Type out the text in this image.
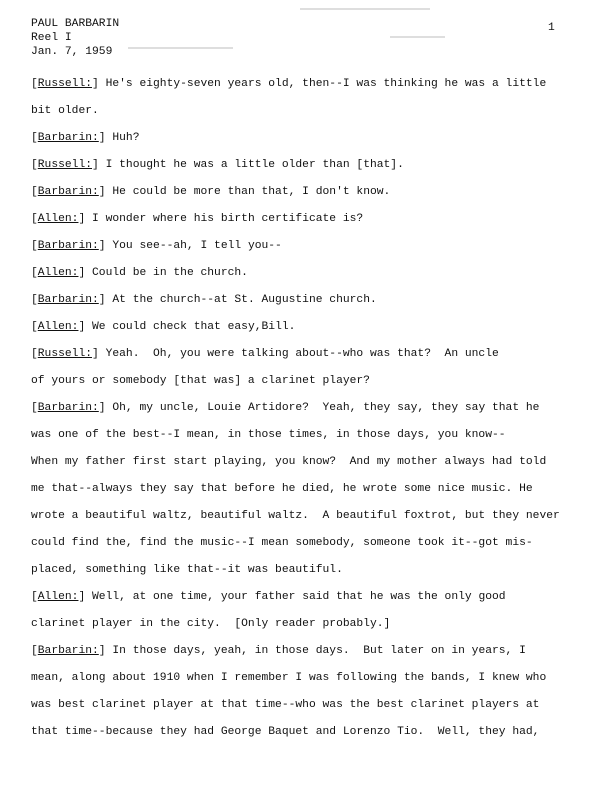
PAUL BARBARIN
Reel I
Jan. 7, 1959
1
[Russell:] He's eighty-seven years old, then--I was thinking he was a little
bit older.
[Barbarin:] Huh?
[Russell:] I thought he was a little older than [that].
[Barbarin:] He could be more than that, I don't know.
[Allen:] I wonder where his birth certificate is?
[Barbarin:] You see--ah, I tell you--
[Allen:] Could be in the church.
[Barbarin:] At the church--at St. Augustine church.
[Allen:] We could check that easy,Bill.
[Russell:] Yeah.  Oh, you were talking about--who was that?  An uncle
of yours or somebody [that was] a clarinet player?
[Barbarin:] Oh, my uncle, Louie Artidore?  Yeah, they say, they say that he
was one of the best--I mean, in those times, in those days, you know--
When my father first start playing, you know?  And my mother always had told
me that--always they say that before he died, he wrote some nice music. He
wrote a beautiful waltz, beautiful waltz.  A beautiful foxtrot, but they never
could find the, find the music--I mean somebody, someone took it--got mis-
placed, something like that--it was beautiful.
[Allen:] Well, at one time, your father said that he was the only good
clarinet player in the city.  [Only reader probably.]
[Barbarin:] In those days, yeah, in those days.  But later on in years, I
mean, along about 1910 when I remember I was following the bands, I knew who
was best clarinet player at that time--who was the best clarinet players at
that time--because they had George Baquet and Lorenzo Tio.  Well, they had,
